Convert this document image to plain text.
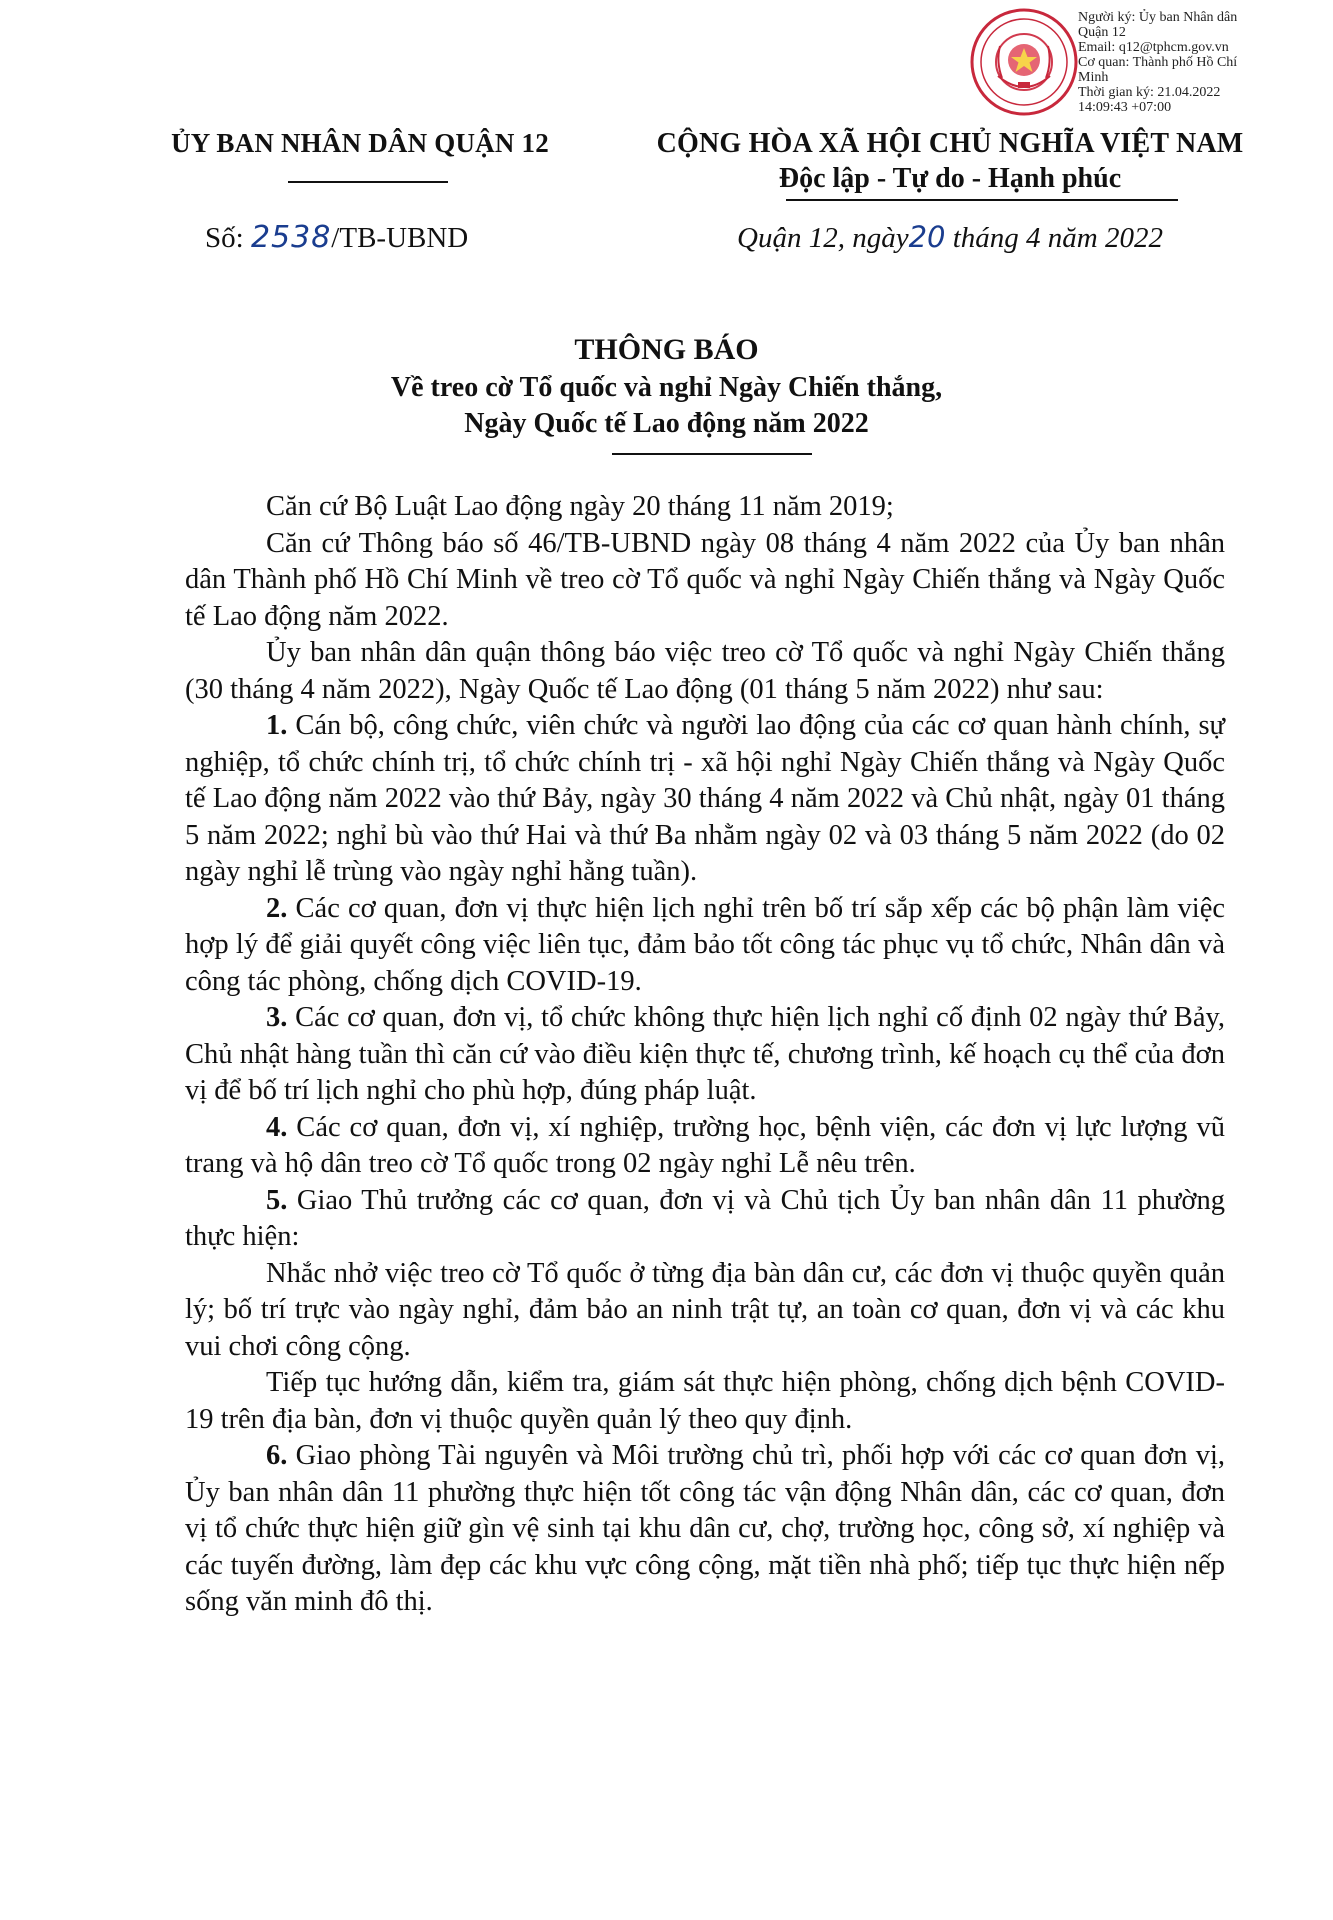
Người ký: Ủy ban Nhân dân
Quận 12
Email: q12@tphcm.gov.vn
Cơ quan: Thành phố Hồ Chí
Minh
Thời gian ký: 21.04.2022
14:09:43 +07:00
ỦY BAN NHÂN DÂN QUẬN 12
Số: 2538/TB-UBND
CỘNG HÒA XÃ HỘI CHỦ NGHĨA VIỆT NAM
Độc lập - Tự do - Hạnh phúc
Quận 12, ngày20 tháng 4 năm 2022
THÔNG BÁO
Về treo cờ Tổ quốc và nghỉ Ngày Chiến thắng,
Ngày Quốc tế Lao động năm 2022

Căn cứ Bộ Luật Lao động ngày 20 tháng 11 năm 2019;

Căn cứ Thông báo số 46/TB-UBND ngày 08 tháng 4 năm 2022 của Ủy ban nhân dân Thành phố Hồ Chí Minh về treo cờ Tổ quốc và nghỉ Ngày Chiến thắng và Ngày Quốc tế Lao động năm 2022.

Ủy ban nhân dân quận thông báo việc treo cờ Tổ quốc và nghỉ Ngày Chiến thắng (30 tháng 4 năm 2022), Ngày Quốc tế Lao động (01 tháng 5 năm 2022) như sau:

1. Cán bộ, công chức, viên chức và người lao động của các cơ quan hành chính, sự nghiệp, tổ chức chính trị, tổ chức chính trị - xã hội nghỉ Ngày Chiến thắng và Ngày Quốc tế Lao động năm 2022 vào thứ Bảy, ngày 30 tháng 4 năm 2022 và Chủ nhật, ngày 01 tháng 5 năm 2022; nghỉ bù vào thứ Hai và thứ Ba nhằm ngày 02 và 03 tháng 5 năm 2022 (do 02 ngày nghỉ lễ trùng vào ngày nghỉ hằng tuần).

2. Các cơ quan, đơn vị thực hiện lịch nghỉ trên bố trí sắp xếp các bộ phận làm việc hợp lý để giải quyết công việc liên tục, đảm bảo tốt công tác phục vụ tổ chức, Nhân dân và công tác phòng, chống dịch COVID-19.

3. Các cơ quan, đơn vị, tổ chức không thực hiện lịch nghỉ cố định 02 ngày thứ Bảy, Chủ nhật hàng tuần thì căn cứ vào điều kiện thực tế, chương trình, kế hoạch cụ thể của đơn vị để bố trí lịch nghỉ cho phù hợp, đúng pháp luật.

4. Các cơ quan, đơn vị, xí nghiệp, trường học, bệnh viện, các đơn vị lực lượng vũ trang và hộ dân treo cờ Tổ quốc trong 02 ngày nghỉ Lễ nêu trên.

5. Giao Thủ trưởng các cơ quan, đơn vị và Chủ tịch Ủy ban nhân dân 11 phường thực hiện:

Nhắc nhở việc treo cờ Tổ quốc ở từng địa bàn dân cư, các đơn vị thuộc quyền quản lý; bố trí trực vào ngày nghỉ, đảm bảo an ninh trật tự, an toàn cơ quan, đơn vị và các khu vui chơi công cộng.

Tiếp tục hướng dẫn, kiểm tra, giám sát thực hiện phòng, chống dịch bệnh COVID-19 trên địa bàn, đơn vị thuộc quyền quản lý theo quy định.

6. Giao phòng Tài nguyên và Môi trường chủ trì, phối hợp với các cơ quan đơn vị, Ủy ban nhân dân 11 phường thực hiện tốt công tác vận động Nhân dân, các cơ quan, đơn vị tổ chức thực hiện giữ gìn vệ sinh tại khu dân cư, chợ, trường học, công sở, xí nghiệp và các tuyến đường, làm đẹp các khu vực công cộng, mặt tiền nhà phố; tiếp tục thực hiện nếp sống văn minh đô thị.
